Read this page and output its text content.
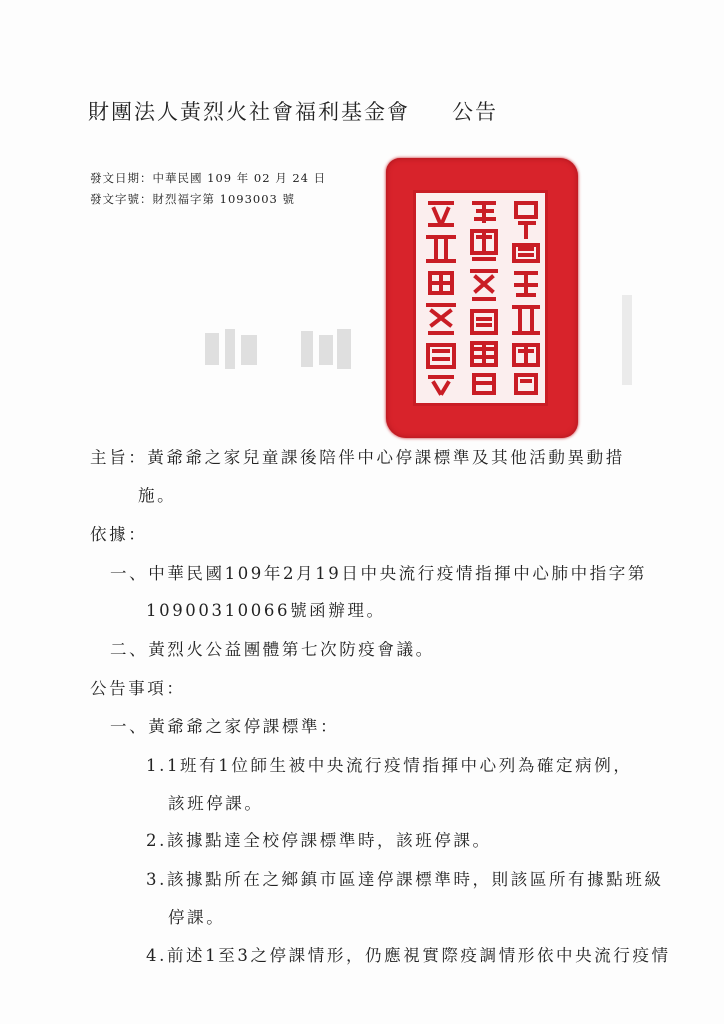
財團法人黃烈火社會福利基金會 公告
發文日期：中華民國 109 年 02 月 24 日
發文字號：財烈福字第 1093003 號
主旨：黃爺爺之家兒童課後陪伴中心停課標準及其他活動異動措
施。
依據：
一、中華民國109年2月19日中央流行疫情指揮中心肺中指字第
10900310066號函辦理。
二、黃烈火公益團體第七次防疫會議。
公告事項：
一、黃爺爺之家停課標準：
1.1班有1位師生被中央流行疫情指揮中心列為確定病例，
該班停課。
2.該據點達全校停課標準時，該班停課。
3.該據點所在之鄉鎮市區達停課標準時，則該區所有據點班級
停課。
4.前述1至3之停課情形，仍應視實際疫調情形依中央流行疫情
